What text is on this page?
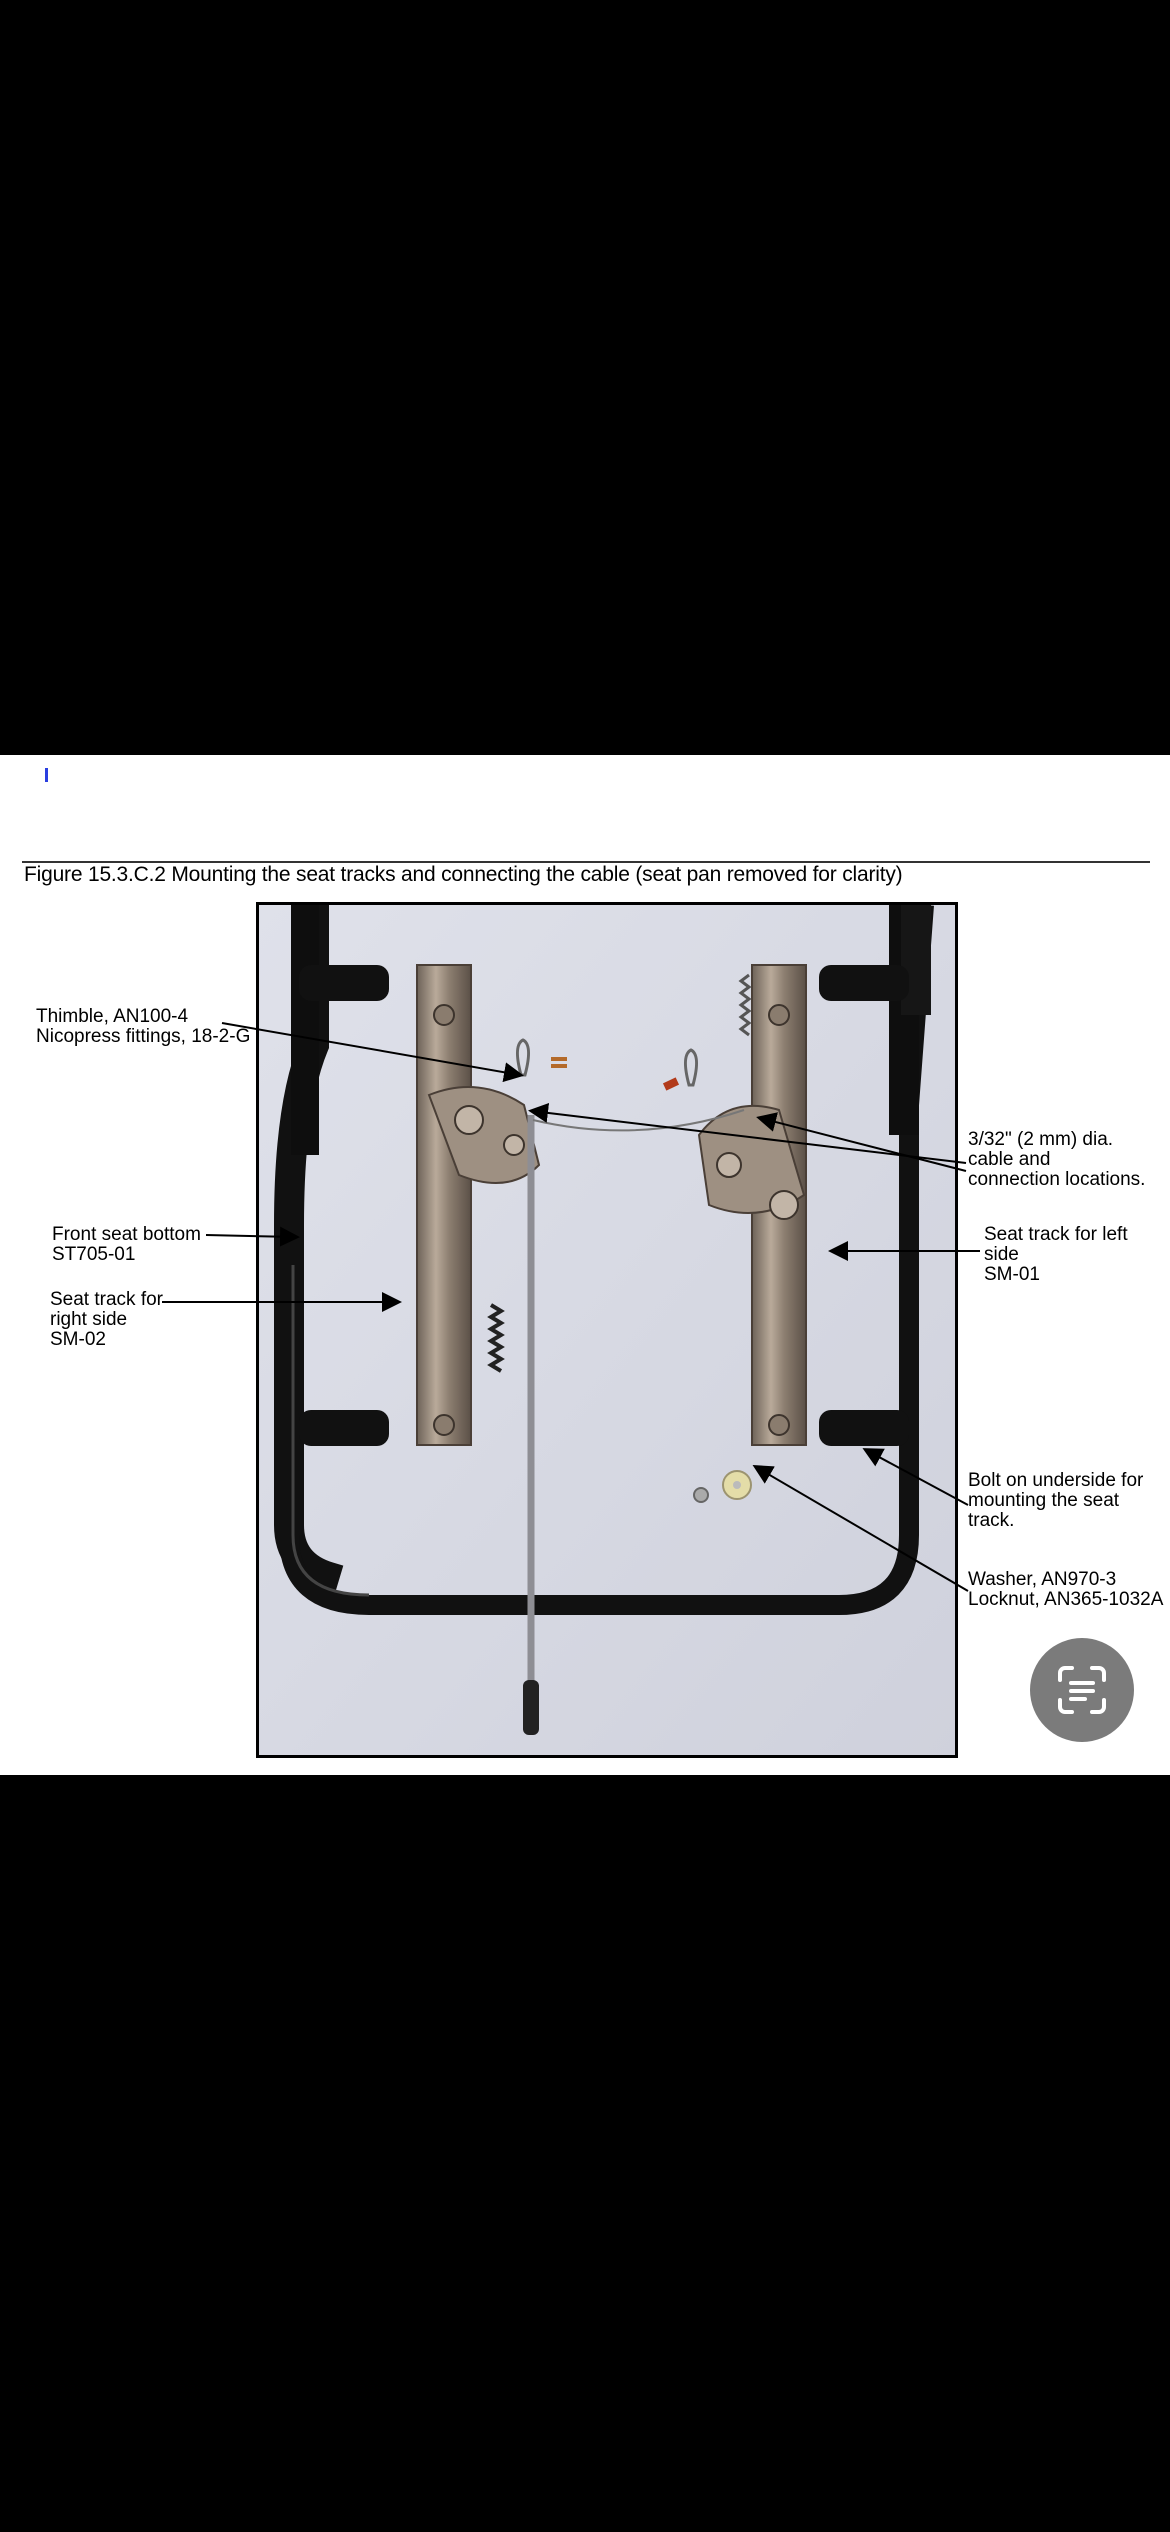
Figure 15.3.C.2 Mounting the seat tracks and connecting the cable (seat pan removed for clarity)
Thimble, AN100-4
Nicopress fittings, 18-2-G
Front seat bottom
ST705-01
Seat track for
right side
SM-02
3/32" (2 mm) dia.
cable and
connection locations.
Seat track for left
side
SM-01
Bolt on underside for
mounting the seat
track.
Washer, AN970-3
Locknut, AN365-1032A
